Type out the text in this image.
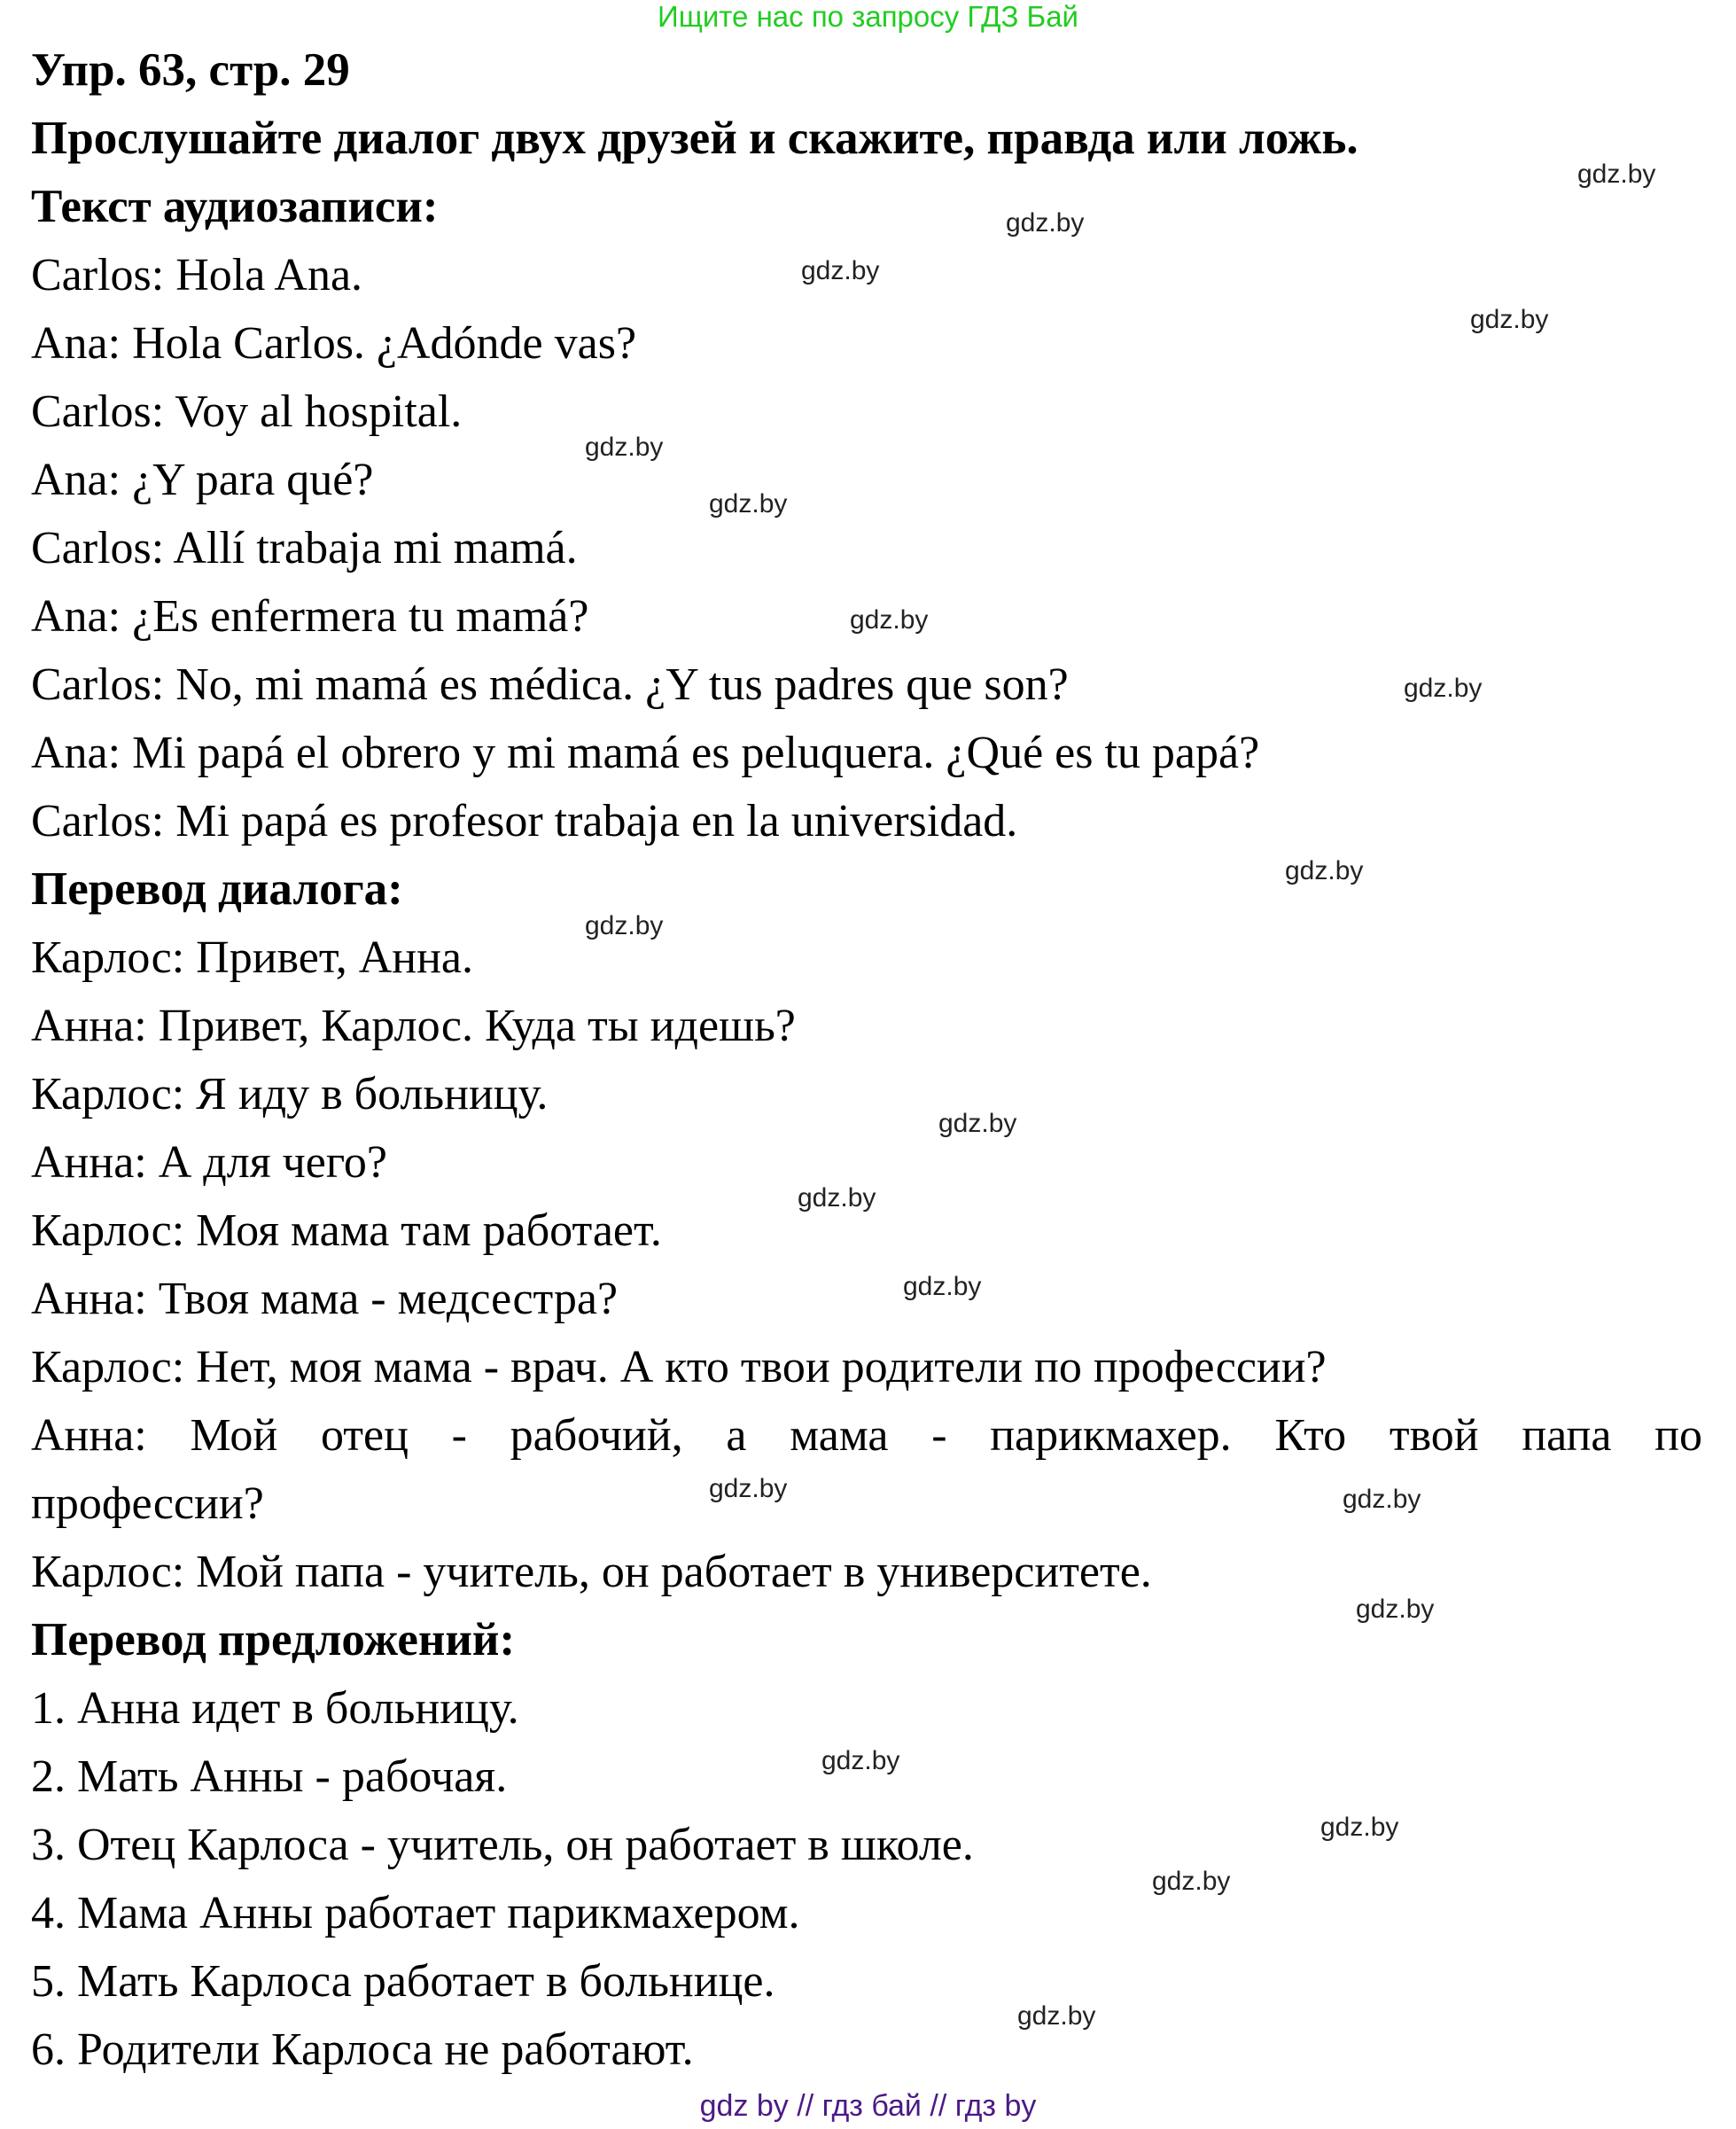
Ищите нас по запросу ГДЗ Бай
Упр. 63, стр. 29
Прослушайте диалог двух друзей и скажите, правда или ложь.
Текст аудиозаписи:
Carlos: Hola Ana.
Ana: Hola Carlos. ¿Adónde vas?
Carlos: Voy al hospital.
Ana: ¿Y para qué?
Carlos: Allí trabaja mi mamá.
Ana: ¿Es enfermera tu mamá?
Carlos: No, mi mamá es médica. ¿Y tus padres que son?
Ana: Mi papá el obrero y mi mamá es peluquera. ¿Qué es tu papá?
Carlos: Mi papá es profesor trabaja en la universidad.
Перевод диалога:
Карлос: Привет, Анна.
Анна: Привет, Карлос. Куда ты идешь?
Карлос: Я иду в больницу.
Анна: А для чего?
Карлос: Моя мама там работает.
Анна: Твоя мама - медсестра?
Карлос: Нет, моя мама - врач. А кто твои родители по профессии?
Анна: Мой отец - рабочий, а мама - парикмахер. Кто твой папа по
профессии?
Карлос: Мой папа - учитель, он работает в университете.
Перевод предложений:
1. Анна идет в больницу.
2. Мать Анны - рабочая.
3. Отец Карлоса - учитель, он работает в школе.
4. Мама Анны работает парикмахером.
5. Мать Карлоса работает в больнице.
6. Родители Карлоса не работают.
gdz.by
gdz.by
gdz.by
gdz.by
gdz.by
gdz.by
gdz.by
gdz.by
gdz.by
gdz.by
gdz.by
gdz.by
gdz.by
gdz.by	gdz.by
gdz.by
gdz.by
gdz.by
gdz.by
gdz.by
gdz by // гдз бай // гдз by
